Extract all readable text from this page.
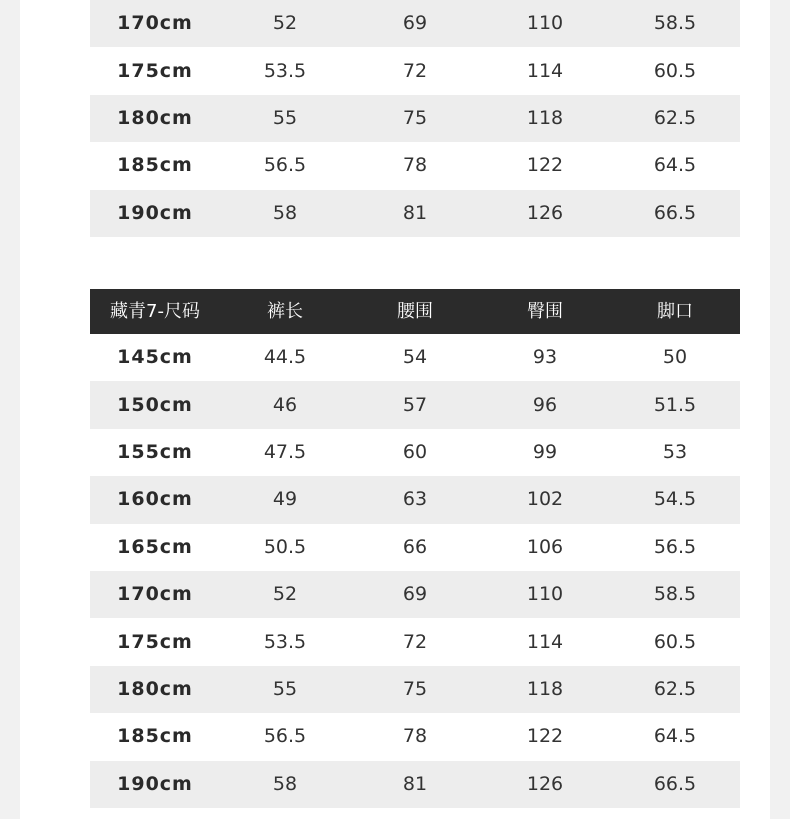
170cm	52	69	110	58.5
175cm	53.5	72	114	60.5
180cm	55	75	118	62.5
185cm	56.5	78	122	64.5
190cm	58	81	126	66.5
藏青7-尺码	裤长	腰围	臀围	脚口
145cm	44.5	54	93	50
150cm	46	57	96	51.5
155cm	47.5	60	99	53
160cm	49	63	102	54.5
165cm	50.5	66	106	56.5
170cm	52	69	110	58.5
175cm	53.5	72	114	60.5
180cm	55	75	118	62.5
185cm	56.5	78	122	64.5
190cm	58	81	126	66.5
